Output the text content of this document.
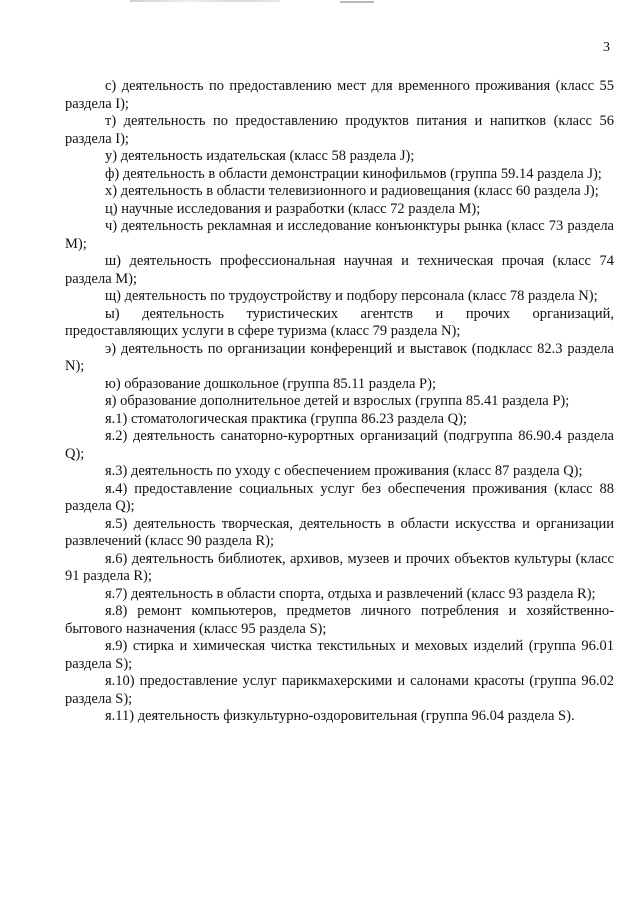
3

с) деятельность по предоставлению мест для временного проживания (класс 55 раздела I);

т) деятельность по предоставлению продуктов питания и напитков (класс 56 раздела I);

у) деятельность издательская (класс 58 раздела J);

ф) деятельность в области демонстрации кинофильмов (группа 59.14 раздела J);

х) деятельность в области телевизионного и радиовещания (класс 60 раздела J);

ц) научные исследования и разработки (класс 72 раздела M);

ч) деятельность рекламная и исследование конъюнктуры рынка (класс 73 раздела M);

ш) деятельность профессиональная научная и техническая прочая (класс 74 раздела M);

щ) деятельность по трудоустройству и подбору персонала (класс 78 раздела N);

ы) деятельность туристических агентств и прочих организаций, предоставляющих услуги в сфере туризма (класс 79 раздела N);

э) деятельность по организации конференций и выставок (подкласс 82.3 раздела N);

ю) образование дошкольное (группа 85.11 раздела P);

я) образование дополнительное детей и взрослых (группа 85.41 раздела P);

я.1) стоматологическая практика (группа 86.23 раздела Q);

я.2) деятельность санаторно-курортных организаций (подгруппа 86.90.4 раздела Q);

я.3) деятельность по уходу с обеспечением проживания (класс 87 раздела Q);

я.4) предоставление социальных услуг без обеспечения проживания (класс 88 раздела Q);

я.5) деятельность творческая, деятельность в области искусства и организации развлечений (класс 90 раздела R);

я.6) деятельность библиотек, архивов, музеев и прочих объектов культуры (класс 91 раздела R);

я.7) деятельность в области спорта, отдыха и развлечений (класс 93 раздела R);

я.8) ремонт компьютеров, предметов личного потребления и хозяйственно-бытового назначения (класс 95 раздела S);

я.9) стирка и химическая чистка текстильных и меховых изделий (группа 96.01 раздела S);

я.10) предоставление услуг парикмахерскими и салонами красоты (группа 96.02 раздела S);

я.11) деятельность физкультурно-оздоровительная (группа 96.04 раздела S).
